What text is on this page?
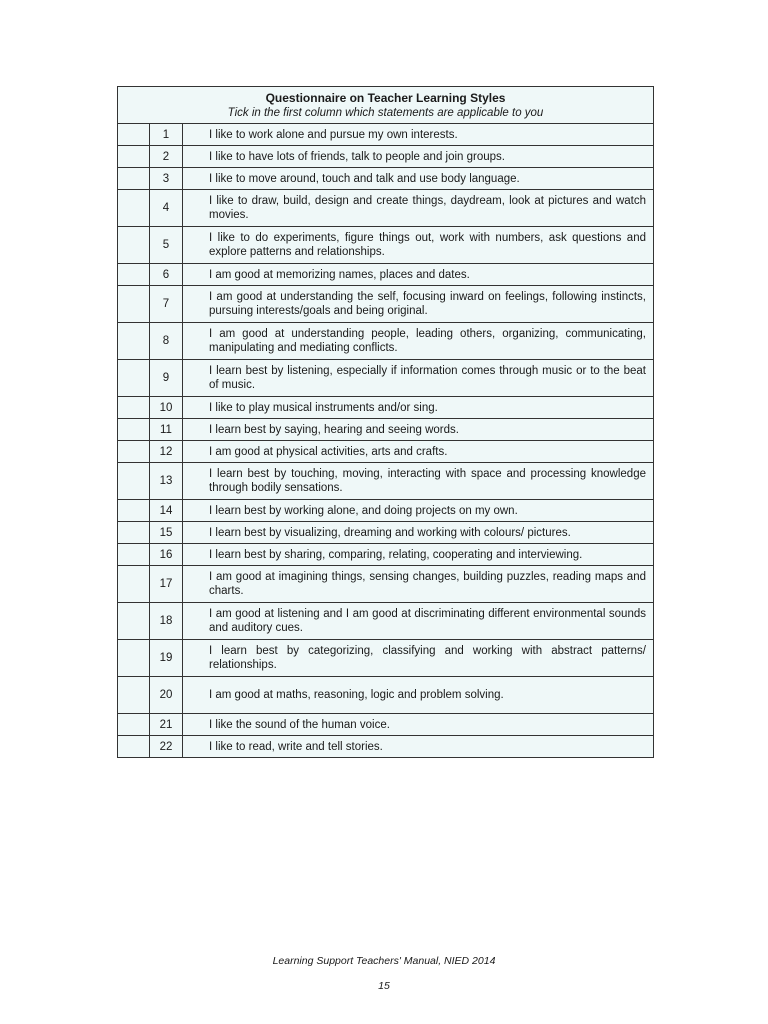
Questionnaire on Teacher Learning Styles
Tick in the first column which statements are applicable to you		

	1	I like to work alone and pursue my own interests.
	2	I like to have lots of friends, talk to people and join groups.
	3	I like to move around, touch and talk and use body language.
	4	I like to draw, build, design and create things, daydream, look at pictures and watch movies.
	5	I like to do experiments, figure things out, work with numbers, ask questions and explore patterns and relationships.
	6	I am good at memorizing names, places and dates.
	7	I am good at understanding the self, focusing inward on feelings, following instincts, pursuing interests/goals and being original.
	8	I am good at understanding people, leading others, organizing, communicating, manipulating and mediating conflicts.
	9	I learn best by listening, especially if information comes through music or to the beat of music.
	10	I like to play musical instruments and/or sing.
	11	I learn best by saying, hearing and seeing words.
	12	I am good at physical activities, arts and crafts.
	13	I learn best by touching, moving, interacting with space and processing knowledge through bodily sensations.
	14	I learn best by working alone, and doing projects on my own.
	15	I learn best by visualizing, dreaming and working with colours/ pictures.
	16	I learn best by sharing, comparing, relating, cooperating and interviewing.
	17	I am good at imagining things, sensing changes, building puzzles, reading maps and charts.
	18	I am good at listening and I am good at discriminating different environmental sounds and auditory cues.
	19	I learn best by categorizing, classifying and working with abstract patterns/ relationships.
	20	I am good at maths, reasoning, logic and problem solving.
	21	I like the sound of the human voice.
	22	I like to read, write and tell stories.
Learning Support Teachers' Manual, NIED 2014
15
